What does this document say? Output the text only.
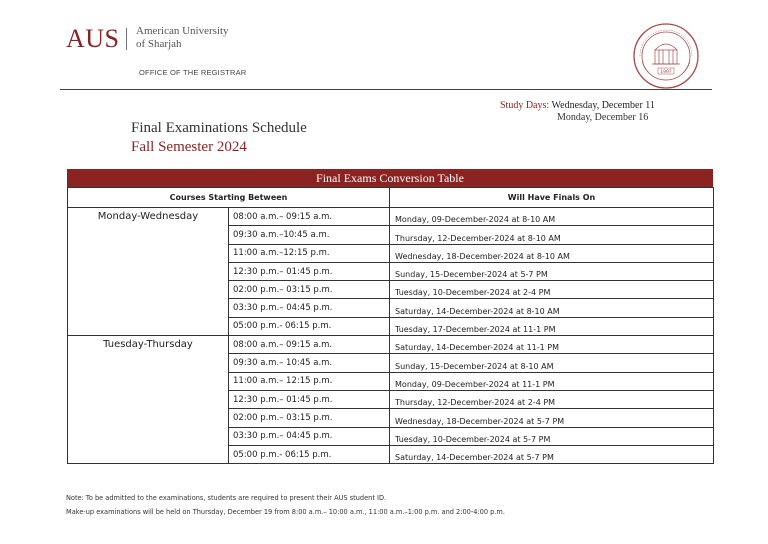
AUS American University
of Sharjah
OFFICE OF THE REGISTRAR	1997
Study Days: Wednesday, December 11
Monday, December 16
Final Examinations Schedule
Fall Semester 2024
Final Exams Conversion Table
Courses Starting Between		Will Have Finals On
Monday-Wednesday	08:00 a.m.– 09:15 a.m.	Monday, 09-December-2024 at 8-10 AM
	09:30 a.m.–10:45 a.m.	Thursday, 12-December-2024 at 8-10 AM
	11:00 a.m.–12:15 p.m.	Wednesday, 18-December-2024 at 8-10 AM
	12:30 p.m.– 01:45 p.m.	Sunday, 15-December-2024 at 5-7 PM
	02:00 p.m.– 03:15 p.m.	Tuesday, 10-December-2024 at 2-4 PM
	03:30 p.m.– 04:45 p.m.	Saturday, 14-December-2024 at 8-10 AM
	05:00 p.m.- 06:15 p.m.	Tuesday, 17-December-2024 at 11-1 PM
Tuesday-Thursday	08:00 a.m.– 09:15 a.m.	Saturday, 14-December-2024 at 11-1 PM
	09:30 a.m.– 10:45 a.m.	Sunday, 15-December-2024 at 8-10 AM
	11:00 a.m.– 12:15 p.m.	Monday, 09-December-2024 at 11-1 PM
	12:30 p.m.– 01:45 p.m.	Thursday, 12-December-2024 at 2-4 PM
	02:00 p.m.– 03:15 p.m.	Wednesday, 18-December-2024 at 5-7 PM
	03:30 p.m.– 04:45 p.m.	Tuesday, 10-December-2024 at 5-7 PM
	05:00 p.m.- 06:15 p.m.	Saturday, 14-December-2024 at 5-7 PM
Note: To be admitted to the examinations, students are required to present their AUS student ID.
Make-up examinations will be held on Thursday, December 19 from 8:00 a.m.– 10:00 a.m., 11:00 a.m.–1:00 p.m. and 2:00-4:00 p.m.
